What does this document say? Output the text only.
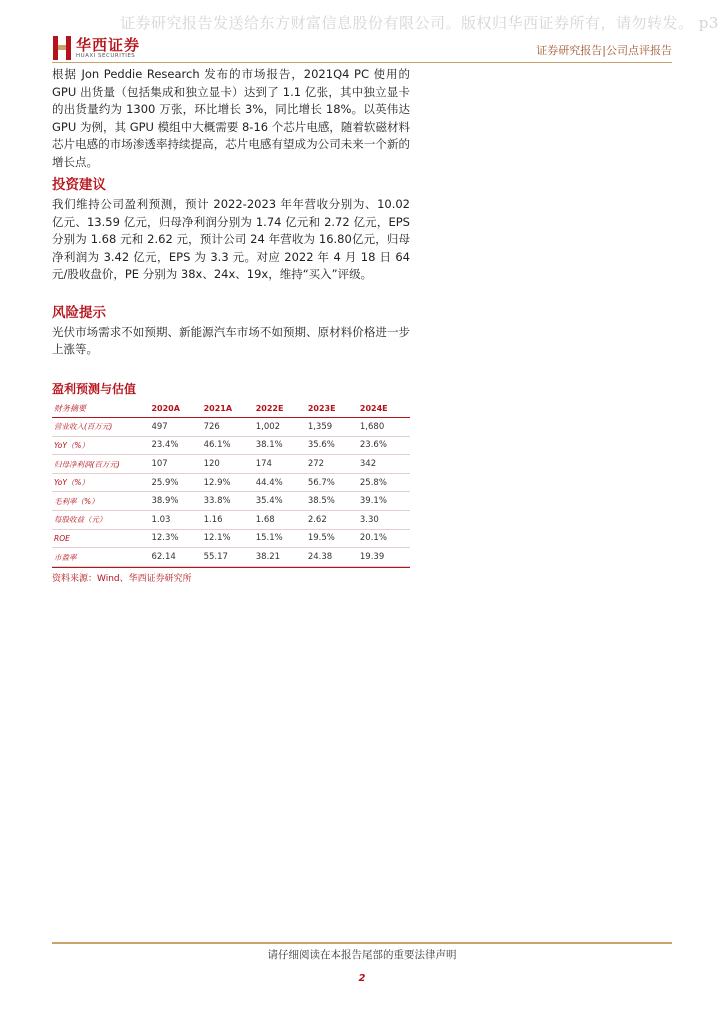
证券研究报告发送给东方财富信息股份有限公司。版权归华西证券所有，请勿转发。 p3
华西证券
HUAXI SECURITIES	证券研究报告|公司点评报告

根据 Jon Peddie Research 发布的市场报告，2021Q4 PC 使用的 GPU 出货量（包括集成和独立显卡）达到了 1.1 亿张，其中独立显卡的出货量约为 1300 万张，环比增长 3%，同比增长 18%。以英伟达 GPU 为例，其 GPU 模组中大概需要 8-16 个芯片电感，随着软磁材料芯片电感的市场渗透率持续提高，芯片电感有望成为公司未来一个新的增长点。

投资建议

我们维持公司盈利预测，预计 2022-2023 年年营收分别为、10.02 亿元、13.59 亿元，归母净利润分别为 1.74 亿元和 2.72 亿元，EPS 分别为 1.68 元和 2.62 元，预计公司 24 年营收为 16.80亿元，归母净利润为 3.42 亿元，EPS 为 3.3 元。对应 2022 年 4 月 18 日 64 元/股收盘价，PE 分别为 38x、24x、19x，维持“买入”评级。

风险提示

光伏市场需求不如预期、新能源汽车市场不如预期、原材料价格进一步上涨等。

盈利预测与估值

财务摘要	2020A	2021A	2022E	2023E	2024E
营业收入(百万元)	497	726	1,002	1,359	1,680
YoY（%）	23.4%	46.1%	38.1%	35.6%	23.6%
归母净利润(百万元)	107	120	174	272	342
YoY（%）	25.9%	12.9%	44.4%	56.7%	25.8%
毛利率（%）	38.9%	33.8%	35.4%	38.5%	39.1%
每股收益（元）	1.03	1.16	1.68	2.62	3.30
ROE	12.3%	12.1%	15.1%	19.5%	20.1%
市盈率	62.14	55.17	38.21	24.38	19.39
资料来源：Wind、华西证券研究所
请仔细阅读在本报告尾部的重要法律声明
2
